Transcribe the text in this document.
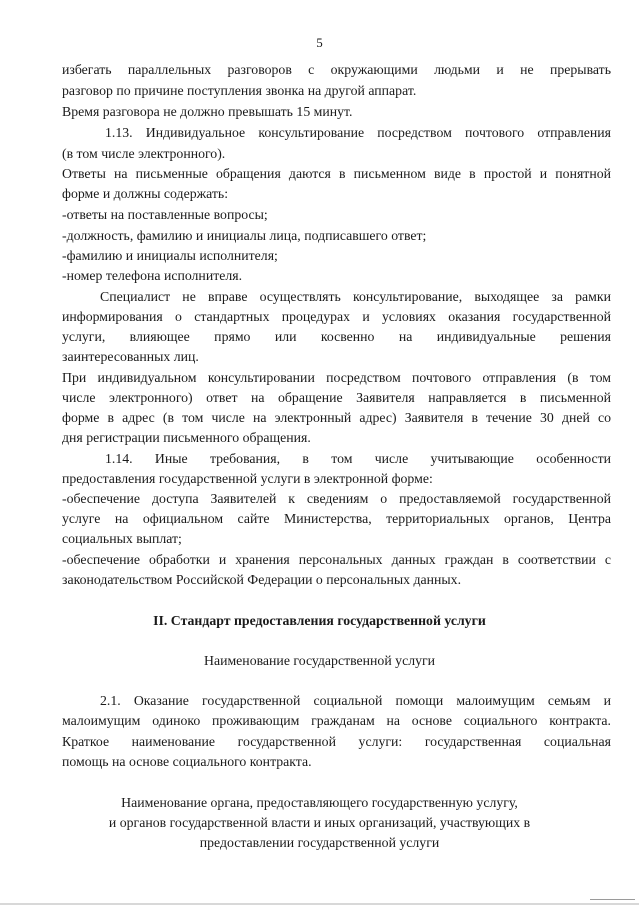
5
избегать параллельных разговоров с окружающими людьми и не прерывать
разговор по причине поступления звонка на другой аппарат.
Время разговора не должно превышать 15 минут.
1.13. Индивидуальное консультирование посредством почтового отправления
(в том числе электронного).
Ответы на письменные обращения даются в письменном виде в простой и понятной
форме и должны содержать:
-ответы на поставленные вопросы;
-должность, фамилию и инициалы лица, подписавшего ответ;
-фамилию и инициалы исполнителя;
-номер телефона исполнителя.
Специалист не вправе осуществлять консультирование, выходящее за рамки
информирования о стандартных процедурах и условиях оказания государственной
услуги, влияющее прямо или косвенно на индивидуальные решения
заинтересованных лиц.
При индивидуальном консультировании посредством почтового отправления (в том
числе электронного) ответ на обращение Заявителя направляется в письменной
форме в адрес (в том числе на электронный адрес) Заявителя в течение 30 дней со
дня регистрации письменного обращения.
1.14. Иные требования, в том числе учитывающие особенности
предоставления государственной услуги в электронной форме:
-обеспечение доступа Заявителей к сведениям о предоставляемой государственной
услуге на официальном сайте Министерства, территориальных органов, Центра
социальных выплат;
-обеспечение обработки и хранения персональных данных граждан в соответствии с
законодательством Российской Федерации о персональных данных.
II. Стандарт предоставления государственной услуги
Наименование государственной услуги
2.1. Оказание государственной социальной помощи малоимущим семьям и
малоимущим одиноко проживающим гражданам на основе социального контракта.
Краткое наименование государственной услуги: государственная социальная
помощь на основе социального контракта.
Наименование органа, предоставляющего государственную услугу,
и органов государственной власти и иных организаций, участвующих в
предоставлении государственной услуги
